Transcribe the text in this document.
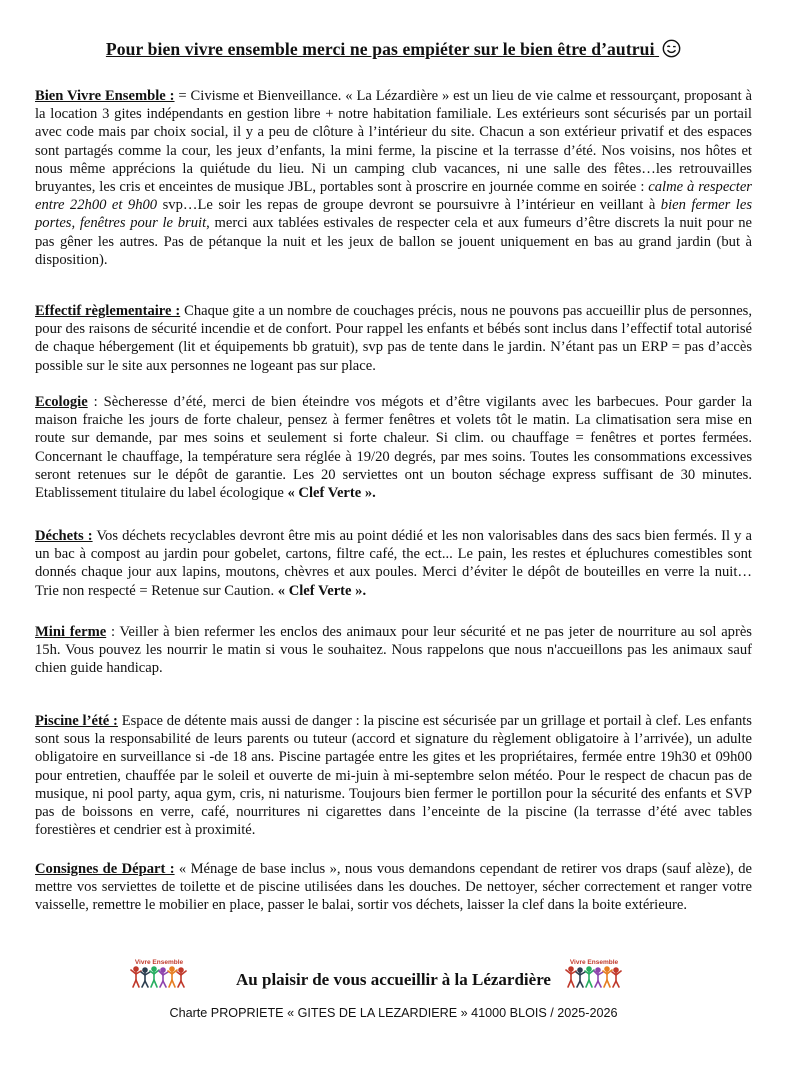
Pour bien vivre ensemble merci ne pas empiéter sur le bien être d’autrui
Bien Vivre Ensemble : = Civisme et Bienveillance. « La Lézardière » est un lieu de vie calme et ressourçant, proposant à la location 3 gites indépendants en gestion libre + notre habitation familiale. Les extérieurs sont sécurisés par un portail avec code mais par choix social, il y a peu de clôture à l’intérieur du site. Chacun a son extérieur privatif et des espaces sont partagés comme la cour, les jeux d’enfants, la mini ferme, la piscine et la terrasse d’été. Nos voisins, nos hôtes et nous même apprécions la quiétude du lieu. Ni un camping club vacances, ni une salle des fêtes…les retrouvailles bruyantes, les cris et enceintes de musique JBL, portables sont à proscrire en journée comme en soirée : calme à respecter entre 22h00 et 9h00 svp…Le soir les repas de groupe devront se poursuivre à l’intérieur en veillant à bien fermer les portes, fenêtres pour le bruit, merci aux tablées estivales de respecter cela et aux fumeurs d’être discrets la nuit pour ne pas gêner les autres. Pas de pétanque la nuit et les jeux de ballon se jouent uniquement en bas au grand jardin (but à disposition).
Effectif règlementaire : Chaque gite a un nombre de couchages précis, nous ne pouvons pas accueillir plus de personnes, pour des raisons de sécurité incendie et de confort. Pour rappel les enfants et bébés sont inclus dans l’effectif total autorisé de chaque hébergement (lit et équipements bb gratuit), svp pas de tente dans le jardin. N’étant pas un ERP = pas d’accès possible sur le site aux personnes ne logeant pas sur place.
Ecologie : Sècheresse d’été, merci de bien éteindre vos mégots et d’être vigilants avec les barbecues. Pour garder la maison fraiche les jours de forte chaleur, pensez à fermer fenêtres et volets tôt le matin. La climatisation sera mise en route sur demande, par mes soins et seulement si forte chaleur. Si clim. ou chauffage = fenêtres et portes fermées. Concernant le chauffage, la température sera réglée à 19/20 degrés, par mes soins. Toutes les consommations excessives seront retenues sur le dépôt de garantie. Les 20 serviettes ont un bouton séchage express suffisant de 30 minutes. Etablissement titulaire du label écologique « Clef Verte ».
Déchets : Vos déchets recyclables devront être mis au point dédié et les non valorisables dans des sacs bien fermés. Il y a un bac à compost au jardin pour gobelet, cartons, filtre café, the ect... Le pain, les restes et épluchures comestibles sont donnés chaque jour aux lapins, moutons, chèvres et aux poules. Merci d’éviter le dépôt de bouteilles en verre la nuit… Trie non respecté = Retenue sur Caution. « Clef Verte ».
Mini ferme : Veiller à bien refermer les enclos des animaux pour leur sécurité et ne pas jeter de nourriture au sol après 15h. Vous pouvez les nourrir le matin si vous le souhaitez. Nous rappelons que nous n'accueillons pas les animaux sauf chien guide handicap.
Piscine l’été : Espace de détente mais aussi de danger : la piscine est sécurisée par un grillage et portail à clef. Les enfants sont sous la responsabilité de leurs parents ou tuteur (accord et signature du règlement obligatoire à l’arrivée), un adulte obligatoire en surveillance si -de 18 ans. Piscine partagée entre les gites et les propriétaires, fermée entre 19h30 et 09h00 pour entretien, chauffée par le soleil et ouverte de mi-juin à mi-septembre selon météo. Pour le respect de chacun pas de musique, ni pool party, aqua gym, cris, ni naturisme. Toujours bien fermer le portillon pour la sécurité des enfants et SVP pas de boissons en verre, café, nourritures ni cigarettes dans l’enceinte de la piscine (la terrasse d’été avec tables forestières et cendrier est à proximité.
Consignes de Départ : « Ménage de base inclus », nous vous demandons cependant de retirer vos draps (sauf alèze), de mettre vos serviettes de toilette et de piscine utilisées dans les douches. De nettoyer, sécher correctement et ranger votre vaisselle, remettre le mobilier en place, passer le balai, sortir vos déchets, laisser la clef dans la boite extérieure.
Vivre Ensemble
Au plaisir de vous accueillir à la Lézardière
Vivre Ensemble
Charte PROPRIETE « GITES DE LA LEZARDIERE » 41000 BLOIS / 2025-2026
